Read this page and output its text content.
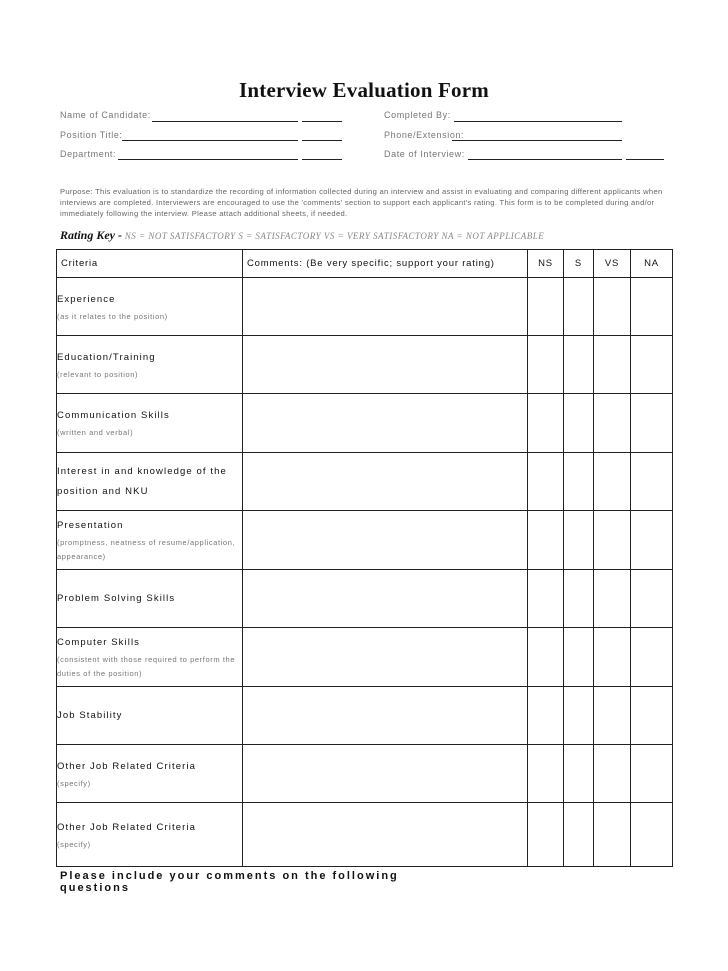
Interview Evaluation Form
Name of Candidate:
Position Title:
Department:
Completed By:
Phone/Extension:
Date of Interview:
Purpose: This evaluation is to standardize the recording of information collected during an interview and assist in evaluating and comparing different applicants when interviews are completed. Interviewers are encouraged to use the 'comments' section to support each applicant's rating. This form is to be completed during and/or immediately following the interview. Please attach additional sheets, if needed.
Rating Key - NS = NOT SATISFACTORY S = SATISFACTORY VS = VERY SATISFACTORY NA = NOT APPLICABLE
Criteria	Comments: (Be very specific; support your rating)	NS	S	VS	NA

Experience
(as it relates to the position)					

Education/Training
(relevant to position)					

Communication Skills
(written and verbal)					

Interest in and knowledge of the position and NKU					

Presentation
(promptness, neatness of resume/application, appearance)					

Problem Solving Skills					

Computer Skills
(consistent with those required to perform the duties of the position)					

Job Stability					

Other Job Related Criteria
(specify)					

Other Job Related Criteria
(specify)					

Please include your comments on the following questions
